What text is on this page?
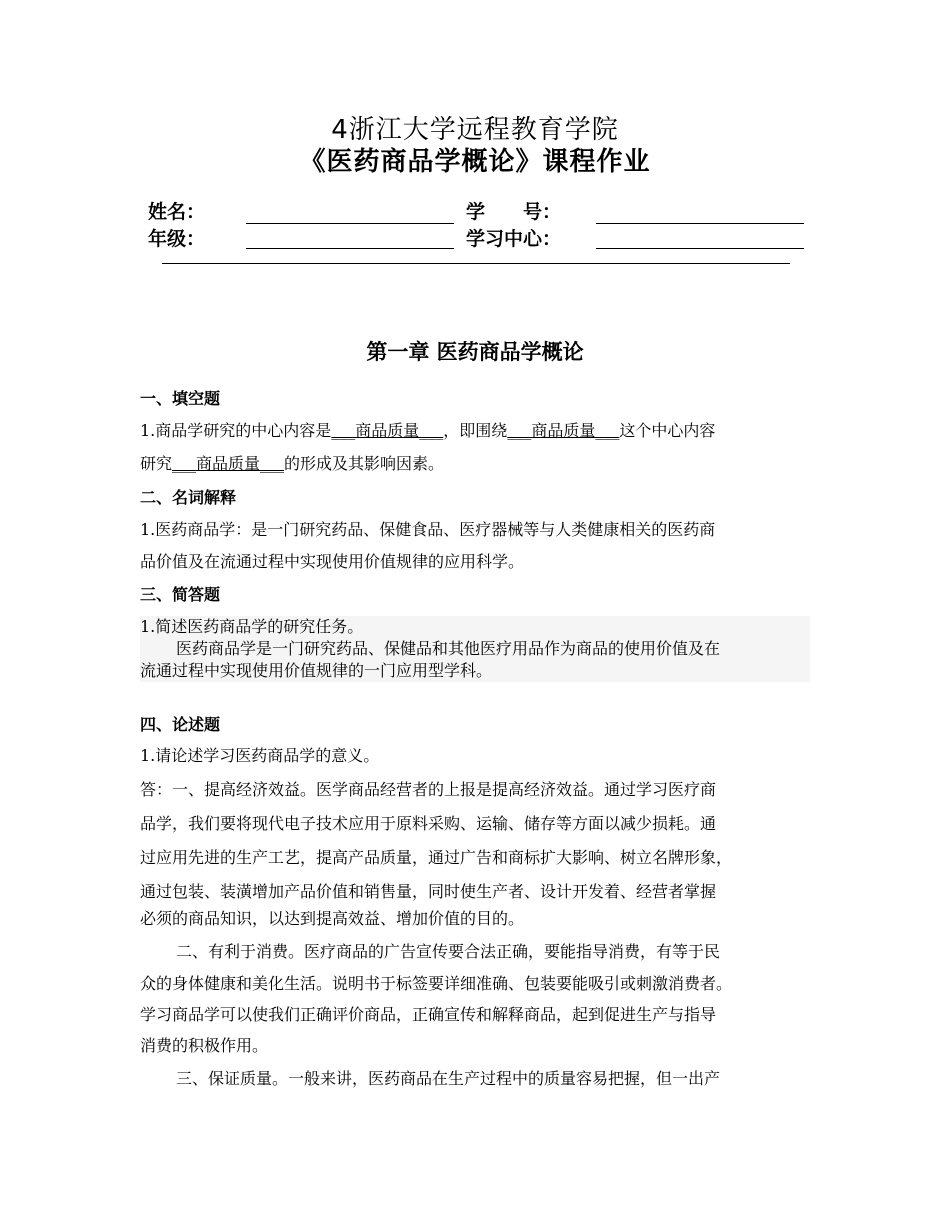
4浙江大学远程教育学院
《医药商品学概论》课程作业
姓名：	学　　号：
年级：	学习中心：
第一章 医药商品学概论
一、填空题
1.商品学研究的中心内容是___商品质量___，即围绕___商品质量___这个中心内容
研究___商品质量___的形成及其影响因素。
二、名词解释
1.医药商品学：是一门研究药品、保健食品、医疗器械等与人类健康相关的医药商
品价值及在流通过程中实现使用价值规律的应用科学。
三、简答题
1.简述医药商品学的研究任务。
医药商品学是一门研究药品、保健品和其他医疗用品作为商品的使用价值及在
流通过程中实现使用价值规律的一门应用型学科。
四、论述题
1.请论述学习医药商品学的意义。
答：一、提高经济效益。医学商品经营者的上报是提高经济效益。通过学习医疗商
品学，我们要将现代电子技术应用于原料采购、运输、储存等方面以减少损耗。通
过应用先进的生产工艺，提高产品质量，通过广告和商标扩大影响、树立名牌形象，
通过包装、装潢增加产品价值和销售量，同时使生产者、设计开发着、经营者掌握
必须的商品知识，以达到提高效益、增加价值的目的。
二、有利于消费。医疗商品的广告宣传要合法正确，要能指导消费，有等于民
众的身体健康和美化生活。说明书于标签要详细准确、包装要能吸引或刺激消费者。
学习商品学可以使我们正确评价商品，正确宣传和解释商品，起到促进生产与指导
消费的积极作用。
三、保证质量。一般来讲，医药商品在生产过程中的质量容易把握，但一出产
